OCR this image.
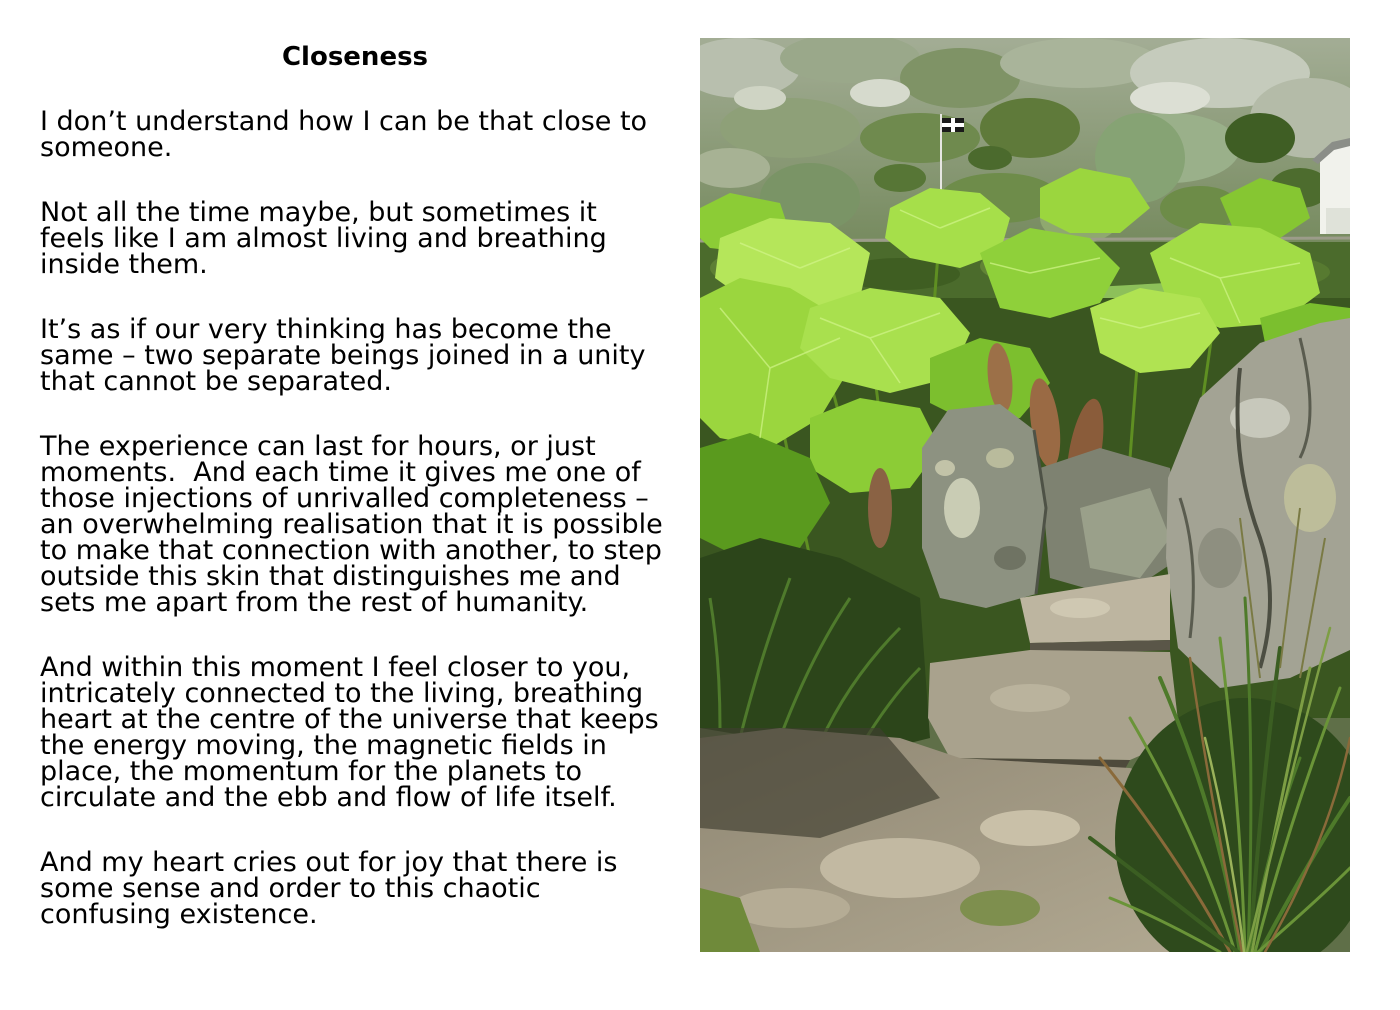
Closeness
I don’t understand how I can be that close to
someone.
Not all the time maybe, but sometimes it
feels like I am almost living and breathing
inside them.
It’s as if our very thinking has become the
same – two separate beings joined in a unity
that cannot be separated.
The experience can last for hours, or just
moments.  And each time it gives me one of
those injections of unrivalled completeness –
an overwhelming realisation that it is possible
to make that connection with another, to step
outside this skin that distinguishes me and
sets me apart from the rest of humanity.
And within this moment I feel closer to you,
intricately connected to the living, breathing
heart at the centre of the universe that keeps
the energy moving, the magnetic fields in
place, the momentum for the planets to
circulate and the ebb and flow of life itself.
And my heart cries out for joy that there is
some sense and order to this chaotic
confusing existence.
